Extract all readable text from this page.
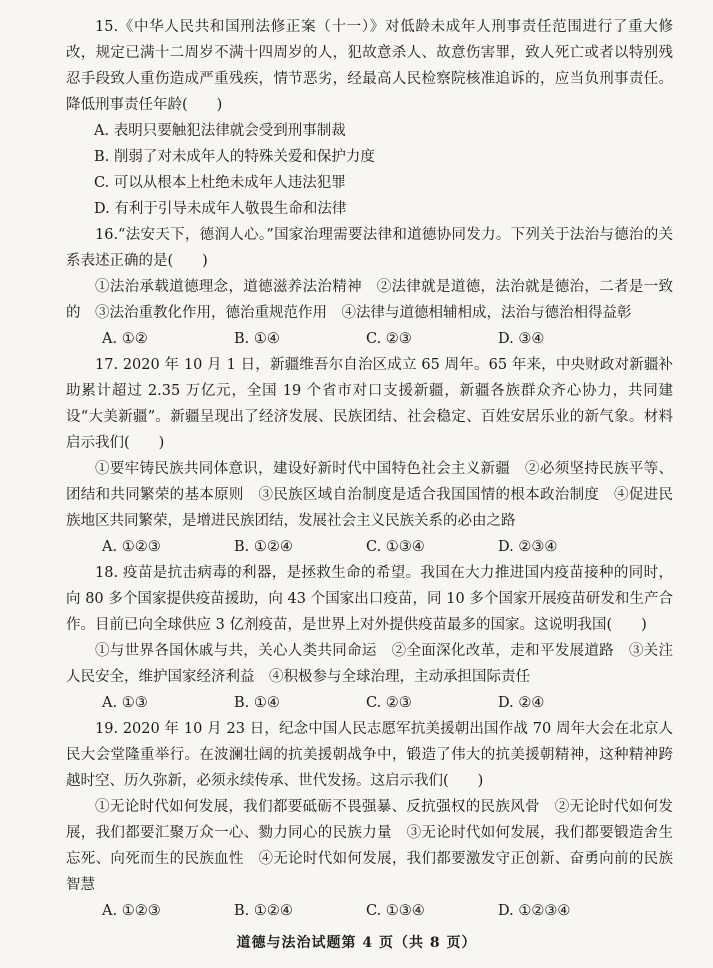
15.《中华人民共和国刑法修正案（十一）》对低龄未成年人刑事责任范围进行了重大修改，规定已满十二周岁不满十四周岁的人，犯故意杀人、故意伤害罪，致人死亡或者以特别残忍手段致人重伤造成严重残疾，情节恶劣，经最高人民检察院核准追诉的，应当负刑事责任。降低刑事责任年龄(　　)

A. 表明只要触犯法律就会受到刑事制裁
B. 削弱了对未成年人的特殊关爱和保护力度
C. 可以从根本上杜绝未成年人违法犯罪
D. 有利于引导未成年人敬畏生命和法律

16.“法安天下，德润人心。”国家治理需要法律和道德协同发力。下列关于法治与德治的关系表述正确的是(　　)

①法治承载道德理念，道德滋养法治精神　②法律就是道德，法治就是德治，二者是一致的　③法治重教化作用，德治重规范作用　④法律与道德相辅相成，法治与德治相得益彰

A. ①②	B. ①④	C. ②③	D. ③④

17. 2020 年 10 月 1 日，新疆维吾尔自治区成立 65 周年。65 年来，中央财政对新疆补助累计超过 2.35 万亿元，全国 19 个省市对口支援新疆，新疆各族群众齐心协力，共同建设“大美新疆”。新疆呈现出了经济发展、民族团结、社会稳定、百姓安居乐业的新气象。材料启示我们(　　)

①要牢铸民族共同体意识，建设好新时代中国特色社会主义新疆　②必须坚持民族平等、团结和共同繁荣的基本原则　③民族区域自治制度是适合我国国情的根本政治制度　④促进民族地区共同繁荣，是增进民族团结，发展社会主义民族关系的必由之路

A. ①②③	B. ①②④	C. ①③④	D. ②③④

18. 疫苗是抗击病毒的利器，是拯救生命的希望。我国在大力推进国内疫苗接种的同时，向 80 多个国家提供疫苗援助，向 43 个国家出口疫苗，同 10 多个国家开展疫苗研发和生产合作。目前已向全球供应 3 亿剂疫苗，是世界上对外提供疫苗最多的国家。这说明我国(　　)

①与世界各国休戚与共，关心人类共同命运　②全面深化改革，走和平发展道路　③关注人民安全，维护国家经济利益　④积极参与全球治理，主动承担国际责任

A. ①③	B. ①④	C. ②③	D. ②④

19. 2020 年 10 月 23 日，纪念中国人民志愿军抗美援朝出国作战 70 周年大会在北京人民大会堂隆重举行。在波澜壮阔的抗美援朝战争中，锻造了伟大的抗美援朝精神，这种精神跨越时空、历久弥新，必须永续传承、世代发扬。这启示我们(　　)

①无论时代如何发展，我们都要砥砺不畏强暴、反抗强权的民族风骨　②无论时代如何发展，我们都要汇聚万众一心、勠力同心的民族力量　③无论时代如何发展，我们都要锻造舍生忘死、向死而生的民族血性　④无论时代如何发展，我们都要激发守正创新、奋勇向前的民族智慧

A. ①②③	B. ①②④	C. ①③④	D. ①②③④
道德与法治试题第 4 页（共 8 页）
